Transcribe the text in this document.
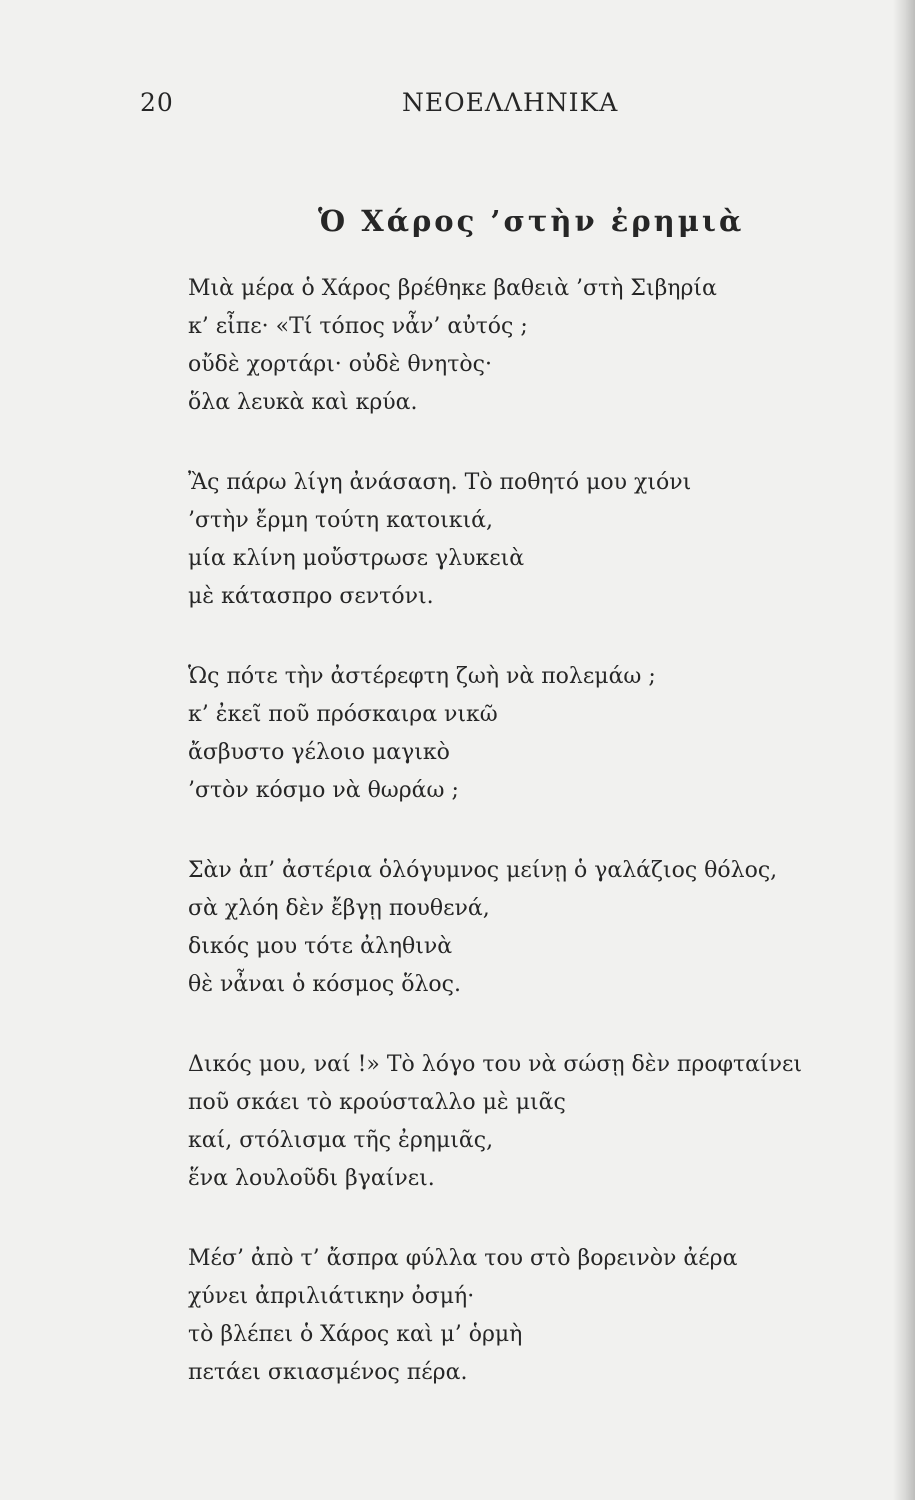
20	ΝΕΟΕΛΛΗΝΙΚΑ
Ὁ Χάρος ’στὴν ἐρημιὰ
Μιὰ μέρα ὁ Χάρος βρέθηκε βαθειὰ ’στὴ Σιβηρία
κ’ εἶπε· «Τί τόπος νἆν’ αὐτός ;
οὔδὲ χορτάρι· οὐδὲ θνητὸς·
ὅλα λευκὰ καὶ κρύα.
Ἂς πάρω λίγη ἀνάσαση. Τὸ ποθητό μου χιόνι
’στὴν ἔρμη τούτη κατοικιά,
μία κλίνη μοὔστρωσε γλυκειὰ
μὲ κάτασπρο σεντόνι.
Ὡς πότε τὴν ἀστέρεφτη ζωὴ νὰ πολεμάω ;
κ’ ἐκεῖ ποῦ πρόσκαιρα νικῶ
ἄσβυστο γέλοιο μαγικὸ
’στὸν κόσμο νὰ θωράω ;
Σὰν ἀπ’ ἀστέρια ὁλόγυμνος μείνῃ ὁ γαλάζιος θόλος,
σὰ χλόη δὲν ἔβγῃ πουθενά,
δικός μου τότε ἀληθινὰ
θὲ νἆναι ὁ κόσμος ὅλος.
Δικός μου, ναί !» Τὸ λόγο του νὰ σώσῃ δὲν προφταίνει
ποῦ σκάει τὸ κρούσταλλο μὲ μιᾶς
καί, στόλισμα τῆς ἐρημιᾶς,
ἕνα λουλοῦδι βγαίνει.
Μέσ’ ἀπὸ τ’ ἄσπρα φύλλα του στὸ βορεινὸν ἀέρα
χύνει ἀπριλιάτικην ὀσμή·
τὸ βλέπει ὁ Χάρος καὶ μ’ ὁρμὴ
πετάει σκιασμένος πέρα.
